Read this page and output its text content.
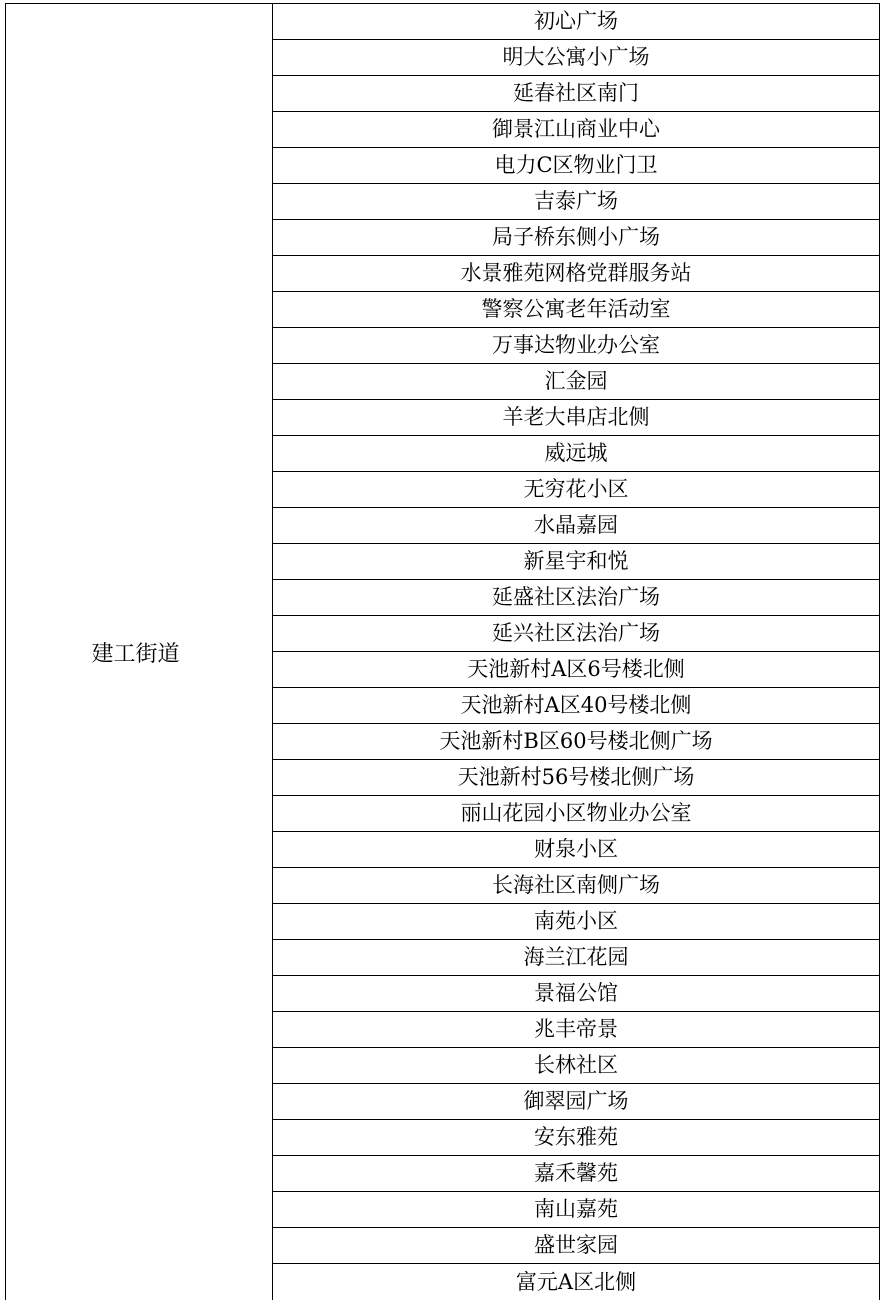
建工街道
初心广场
明大公寓小广场
延春社区南门
御景江山商业中心
电力C区物业门卫
吉泰广场
局子桥东侧小广场
水景雅苑网格党群服务站
警察公寓老年活动室
万事达物业办公室
汇金园
羊老大串店北侧
威远城
无穷花小区
水晶嘉园
新星宇和悦
延盛社区法治广场
延兴社区法治广场
天池新村A区6号楼北侧
天池新村A区40号楼北侧
天池新村B区60号楼北侧广场
天池新村56号楼北侧广场
丽山花园小区物业办公室
财泉小区
长海社区南侧广场
南苑小区
海兰江花园
景福公馆
兆丰帝景
长林社区
御翠园广场
安东雅苑
嘉禾馨苑
南山嘉苑
盛世家园
富元A区北侧
